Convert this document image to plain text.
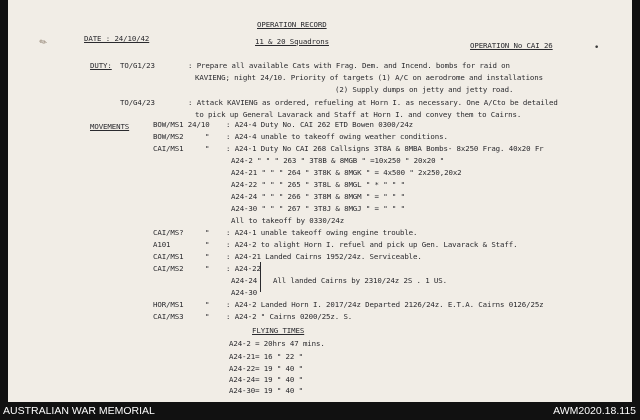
OPERATION RECORD
11 & 20 Squadrons
DATE : 24/10/42
OPERATION No CAI 26
DUTY: TO/G1/23	: Prepare all available Cats with Frag. Dem. and Incend. bombs for raid on
KAVIENG; night 24/10. Priority of targets (1) A/C on aerodrome and installations
(2) Supply dumps on jetty and jetty road.
TO/G4/23	: Attack KAVIENG as ordered, refueling at Horn I. as necessary. One A/Cto be detailed
to pick up General Lavarack and Staff at Horn I. and convey them to Cairns.
MOVEMENTS	BOW/MS1 24/10 : A24-4 Duty No. CAI 262 ETD Bowen 0300/24z
BOW/MS2	" : A24-4 unable to takeoff owing weather conditions.
CAI/MS1	" : A24-1 Duty No CAI 268 Callsigns 3T8A & 8MBA Bombs- 8x250 Frag. 40x20 Fr
A24-2 " " " 263 " 3T8B & 8MGB " =10x250 " 20x20 "
A24-21 " " " 264 " 3T8K & 8MGK " = 4x500 " 2x250,20x2
A24-22 " " " 265 " 3T8L & 8MGL " * " " "
A24-24 " " " 266 " 3T8M & 8MGM " = " " "
A24-30 " " " 267 " 3T8J & 8MGJ " = " " "
All to takeoff by 0330/24z
CAI/MS?	" : A24-1 unable takeoff owing engine trouble.
A101	" : A24-2 to alight Horn I. refuel and pick up Gen. Lavarack & Staff.
CAI/MS1	" : A24-21 Landed Cairns 1952/24z. Serviceable.
CAI/MS2	" : A24-22
A24-24
A24-30
All landed Cairns by 2310/24z 2S . 1 US.
HOR/MS1	" : A24-2 Landed Horn I. 2017/24z Departed 2126/24z. E.T.A. Cairns 0126/25z
CAI/MS3	" : A24-2 " Cairns 0200/25z. S.
FLYING TIMES
A24-2 = 20hrs 47 mins.
A24-21= 16 " 22 "
A24-22= 19 " 40 "
A24-24= 19 " 40 "
A24-30= 19 " 40 "
✎	•
AUSTRALIAN WAR MEMORIAL	AWM2020.18.115
